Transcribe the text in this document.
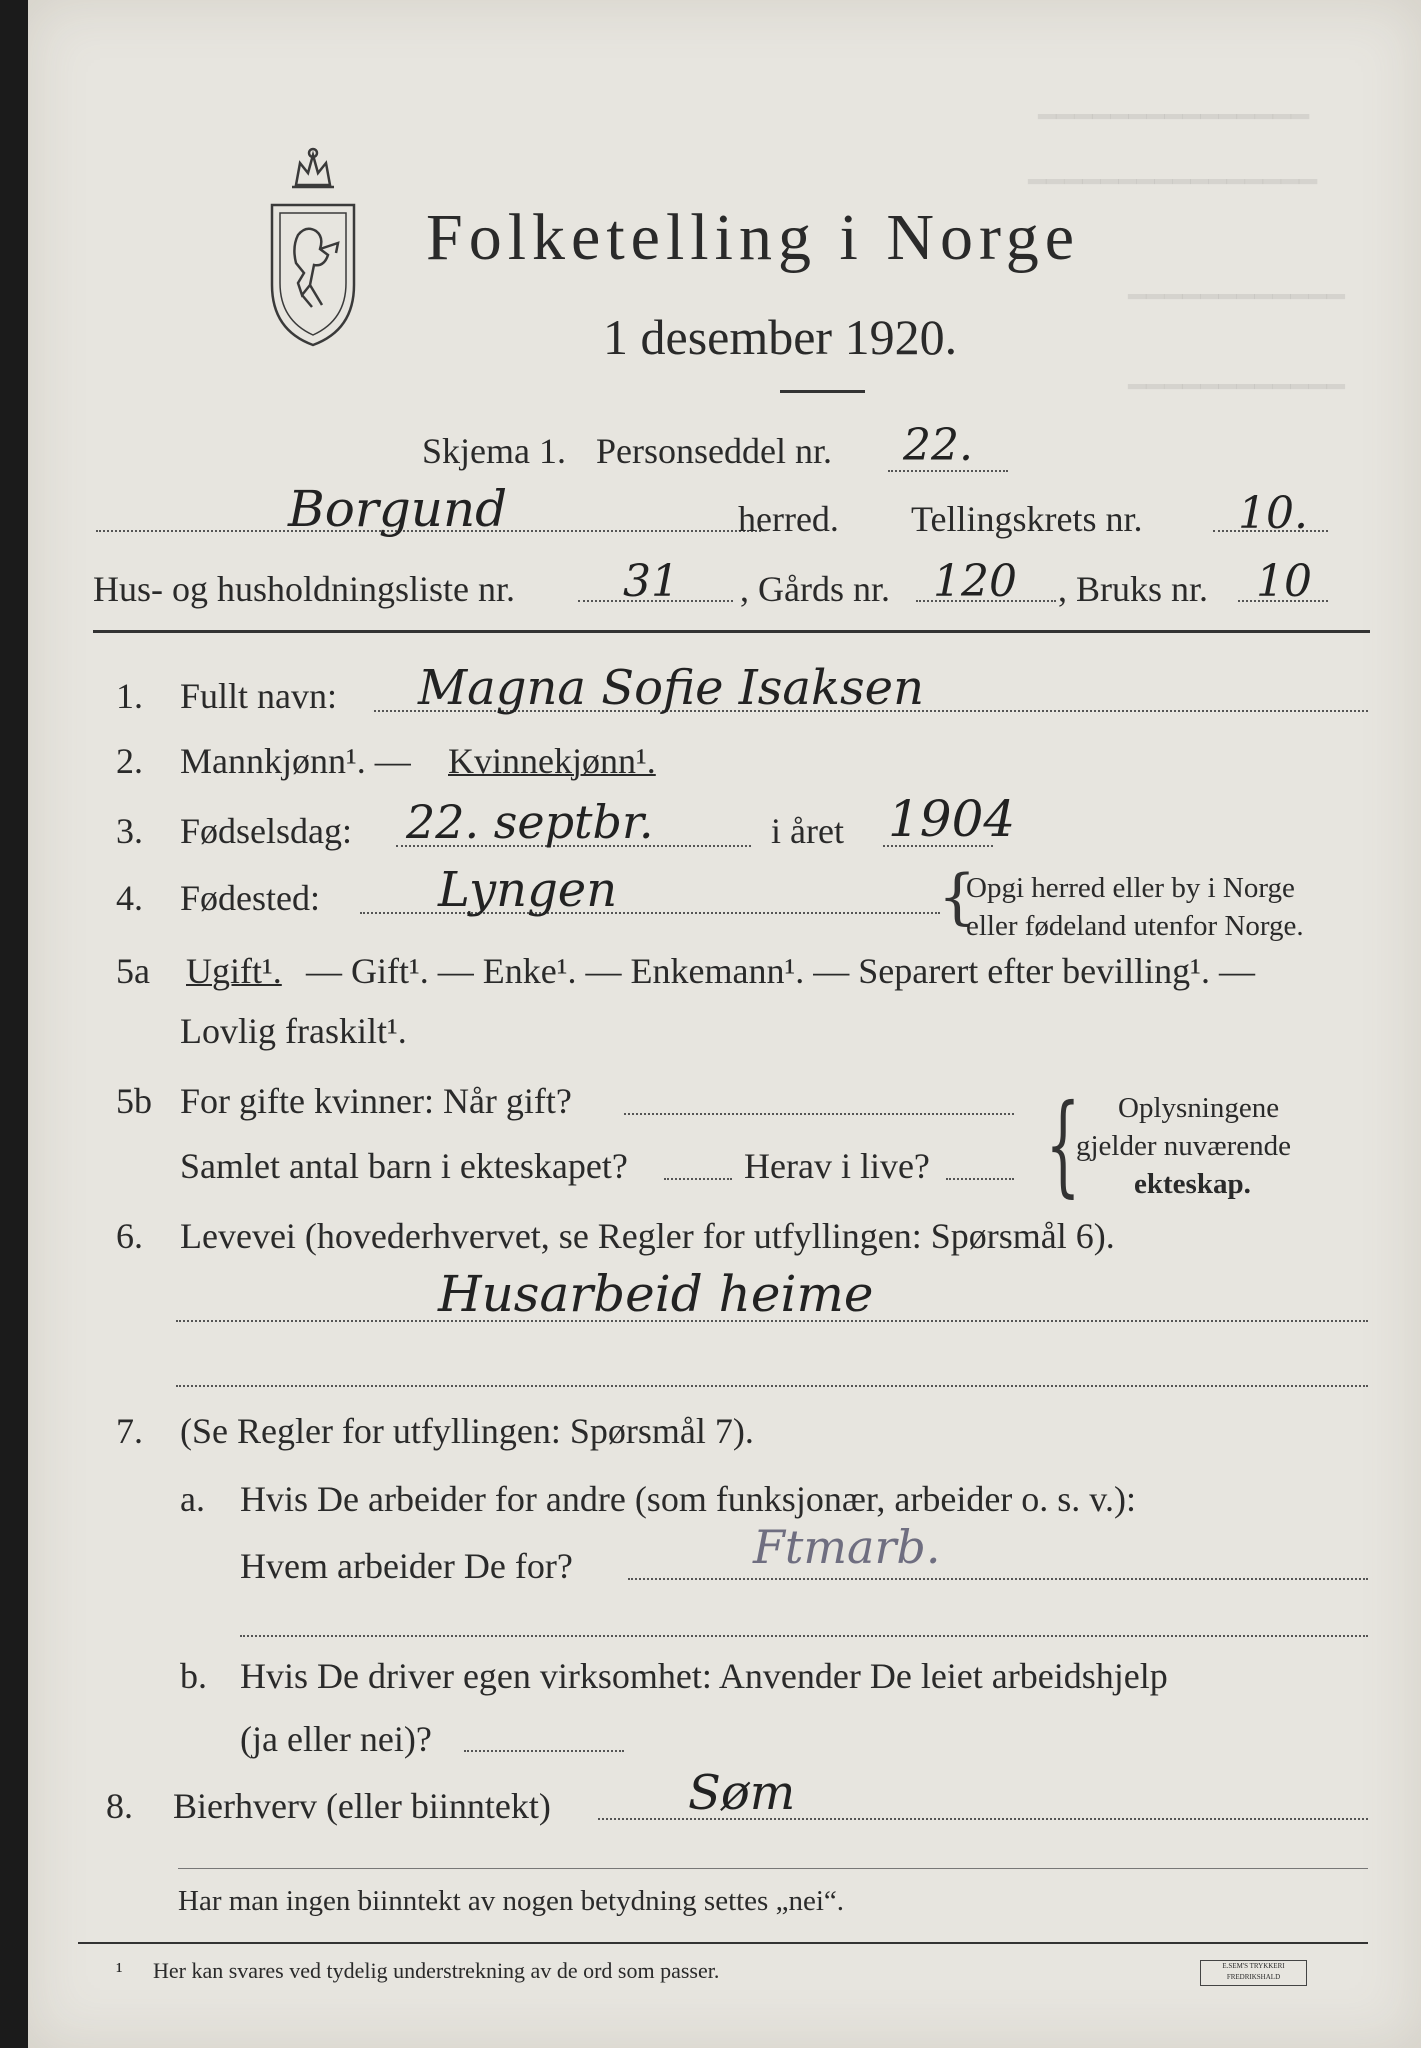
━━━━━━━━━━━━━━━
━━━━━━━━━━━━━━━━
━━━━━━━━━━━━
━━━━━━━━━━━━
Folketelling i Norge
1 desember 1920.
Skjema 1. Personseddel nr. 22.
Borgund	herred. Tellingskrets nr. 10.
Hus- og husholdningsliste nr. 31 , Gårds nr. 120 , Bruks nr. 10
1. Fullt navn: Magna Sofie Isaksen
2. Mannkjønn¹. — Kvinnekjønn¹.
3. Fødselsdag: 22. septbr.	i året 1904
4. Fødested: Lyngen	{
Opgi herred eller by i Norge
eller fødeland utenfor Norge.
5a Ugift¹. — Gift¹. — Enke¹. — Enkemann¹. — Separert efter bevilling¹. —
Lovlig fraskilt¹.
5b For gifte kvinner: Når gift?
Samlet antal barn i ekteskapet?	Herav i live? { Oplysningene
gjelder nuværende
ekteskap.
6. Levevei (hovederhvervet, se Regler for utfyllingen: Spørsmål 6).
Husarbeid heime
7. (Se Regler for utfyllingen: Spørsmål 7).
a. Hvis De arbeider for andre (som funksjonær, arbeider o. s. v.):
Hvem arbeider De for?	Ftmarb.
b. Hvis De driver egen virksomhet: Anvender De leiet arbeidshjelp
(ja eller nei)?
8. Bierhverv (eller biinntekt)	Søm
Har man ingen biinntekt av nogen betydning settes „nei“.
¹ Her kan svares ved tydelig understrekning av de ord som passer.	E.SEM'S TRYKKERI FREDRIKSHALD
